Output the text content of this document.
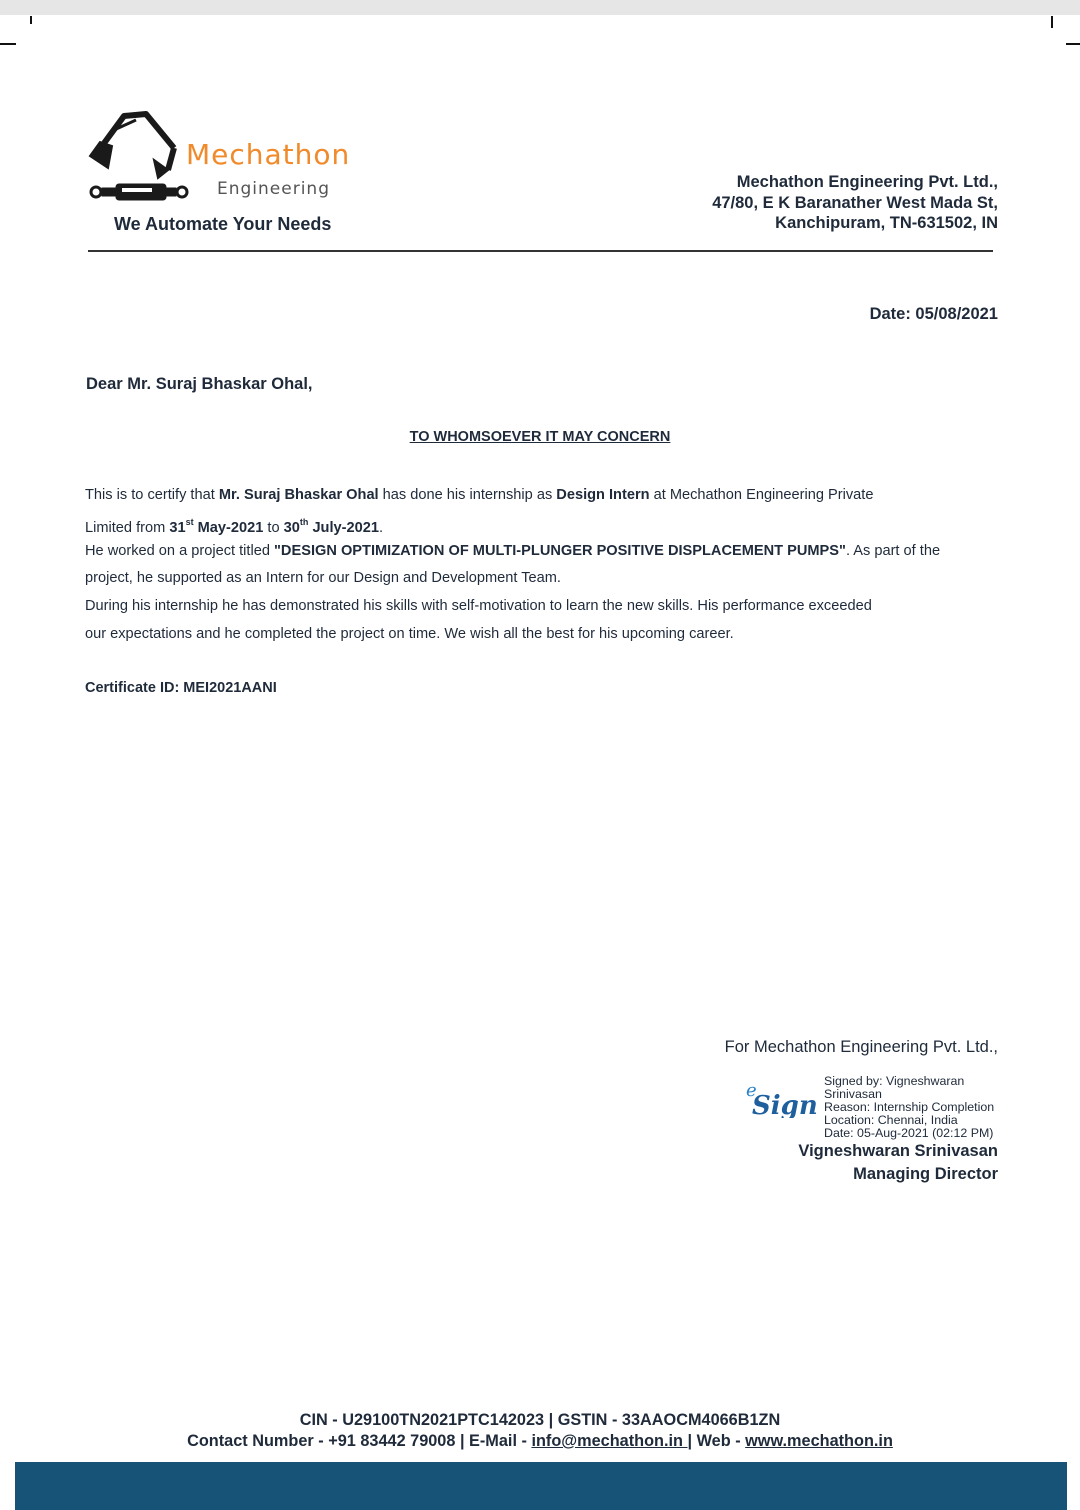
Mechathon
Engineering
We Automate Your Needs
Mechathon Engineering Pvt. Ltd.,
47/80, E K Baranather West Mada St,
Kanchipuram, TN-631502, IN
Date: 05/08/2021
Dear Mr. Suraj Bhaskar Ohal,
TO WHOMSOEVER IT MAY CONCERN
This is to certify that Mr. Suraj Bhaskar Ohal has done his internship as Design Intern at Mechathon Engineering Private
Limited from 31st May-2021 to 30th July-2021.
He worked on a project titled "DESIGN OPTIMIZATION OF MULTI-PLUNGER POSITIVE DISPLACEMENT PUMPS". As part of the
project, he supported as an Intern for our Design and Development Team.
During his internship he has demonstrated his skills with self-motivation to learn the new skills. His performance exceeded
our expectations and he completed the project on time. We wish all the best for his upcoming career.
Certificate ID: MEI2021AANI
For Mechathon Engineering Pvt. Ltd.,
e
Sign
Signed by: Vigneshwaran
Srinivasan
Reason: Internship Completion
Location: Chennai, India
Date: 05-Aug-2021 (02:12 PM)
Vigneshwaran Srinivasan
Managing Director
CIN - U29100TN2021PTC142023 | GSTIN - 33AAOCM4066B1ZN
Contact Number - +91 83442 79008 | E-Mail - info@mechathon.in | Web - www.mechathon.in
